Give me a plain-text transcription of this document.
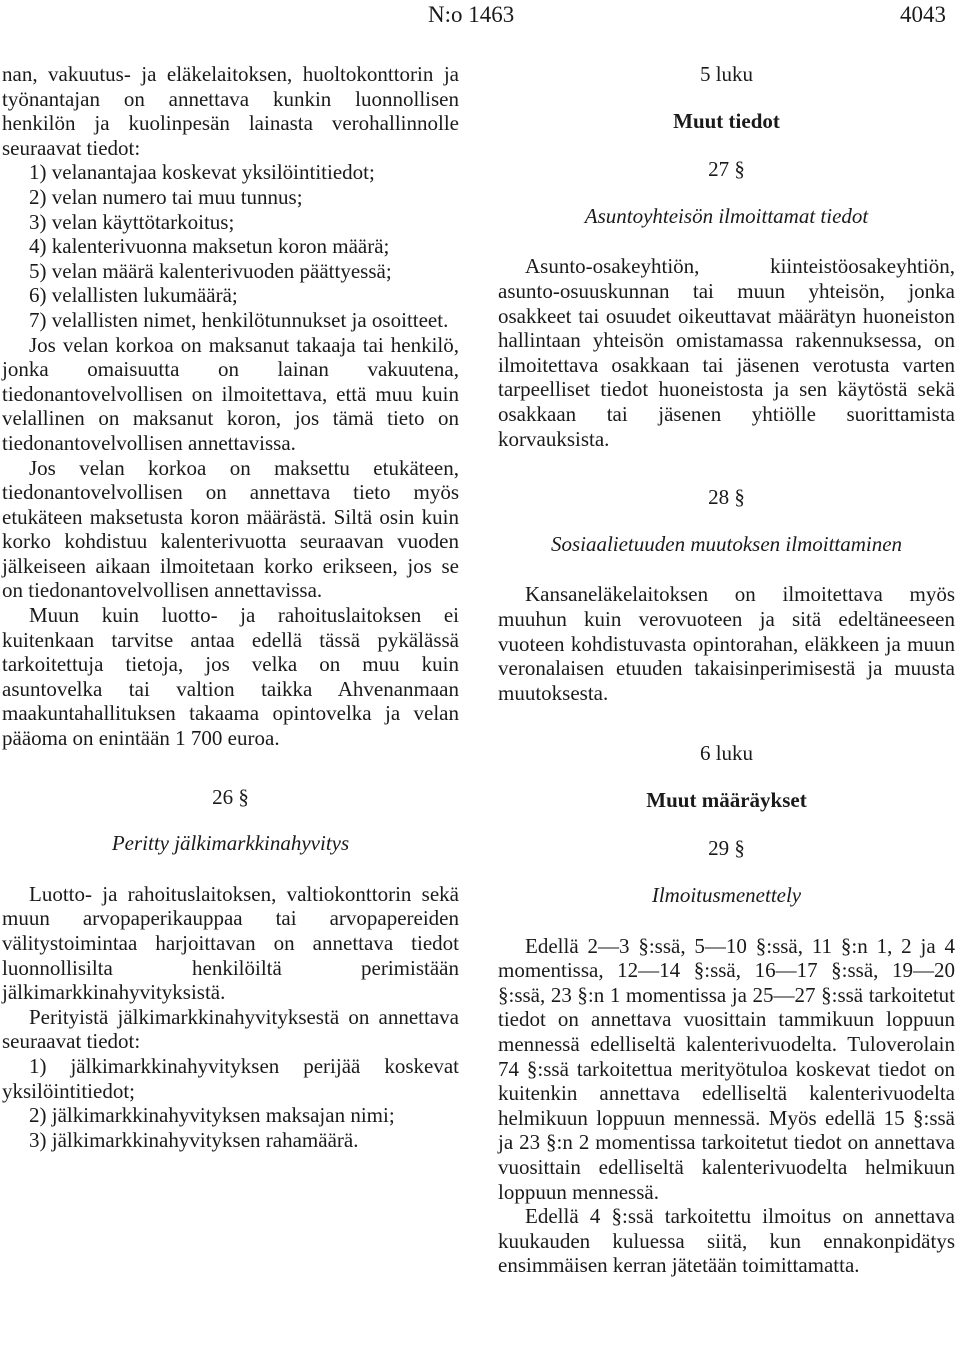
N:o 1463	4043

nan, vakuutus- ja eläkelaitoksen, huoltokonttorin ja työnantajan on annettava kunkin luonnollisen henkilön ja kuolinpesän lainasta verohallinnolle seuraavat tiedot:

1) velanantajaa koskevat yksilöintitiedot;

2) velan numero tai muu tunnus;

3) velan käyttötarkoitus;

4) kalenterivuonna maksetun koron määrä;

5) velan määrä kalenterivuoden päättyessä;

6) velallisten lukumäärä;

7) velallisten nimet, henkilötunnukset ja osoitteet.

Jos velan korkoa on maksanut takaaja tai henkilö, jonka omaisuutta on lainan vakuutena, tiedonantovelvollisen on ilmoitettava, että muu kuin velallinen on maksanut koron, jos tämä tieto on tiedonantovelvollisen annettavissa.

Jos velan korkoa on maksettu etukäteen, tiedonantovelvollisen on annettava tieto myös etukäteen maksetusta koron määrästä. Siltä osin kuin korko kohdistuu kalenterivuotta seuraavan vuoden jälkeiseen aikaan ilmoitetaan korko erikseen, jos se on tiedonantovelvollisen annettavissa.

Muun kuin luotto- ja rahoituslaitoksen ei kuitenkaan tarvitse antaa edellä tässä pykälässä tarkoitettuja tietoja, jos velka on muu kuin asuntovelka tai valtion taikka Ahvenanmaan maakuntahallituksen takaama opintovelka ja velan pääoma on enintään 1 700 euroa.

26 §
Peritty jälkimarkkinahyvitys

Luotto- ja rahoituslaitoksen, valtiokonttorin sekä muun arvopaperikauppaa tai arvopapereiden välitystoimintaa harjoittavan on annettava tiedot luonnollisilta henkilöiltä perimistään jälkimarkkinahyvityksistä.

Perityistä jälkimarkkinahyvityksestä on annettava seuraavat tiedot:

1) jälkimarkkinahyvityksen perijää koskevat yksilöintitiedot;

2) jälkimarkkinahyvityksen maksajan nimi;

3) jälkimarkkinahyvityksen rahamäärä.

5 luku
Muut tiedot
27 §
Asuntoyhteisön ilmoittamat tiedot

Asunto-osakeyhtiön, kiinteistöosakeyhtiön, asunto-osuuskunnan tai muun yhteisön, jonka osakkeet tai osuudet oikeuttavat määrätyn huoneiston hallintaan yhteisön omistamassa rakennuksessa, on ilmoitettava osakkaan tai jäsenen verotusta varten tarpeelliset tiedot huoneistosta ja sen käytöstä sekä osakkaan tai jäsenen yhtiölle suorittamista korvauksista.

28 §
Sosiaalietuuden muutoksen ilmoittaminen

Kansaneläkelaitoksen on ilmoitettava myös muuhun kuin verovuoteen ja sitä edeltäneeseen vuoteen kohdistuvasta opintorahan, eläkkeen ja muun veronalaisen etuuden takaisinperimisestä ja muusta muutoksesta.

6 luku
Muut määräykset
29 §
Ilmoitusmenettely

Edellä 2—3 §:ssä, 5—10 §:ssä, 11 §:n 1, 2 ja 4 momentissa, 12—14 §:ssä, 16—17 §:ssä, 19—20 §:ssä, 23 §:n 1 momentissa ja 25—27 §:ssä tarkoitetut tiedot on annettava vuosittain tammikuun loppuun mennessä edelliseltä kalenterivuodelta. Tuloverolain 74 §:ssä tarkoitettua merityötuloa koskevat tiedot on kuitenkin annettava edelliseltä kalenterivuodelta helmikuun loppuun mennessä. Myös edellä 15 §:ssä ja 23 §:n 2 momentissa tarkoitetut tiedot on annettava vuosittain edelliseltä kalenterivuodelta helmikuun loppuun mennessä.

Edellä 4 §:ssä tarkoitettu ilmoitus on annettava kuukauden kuluessa siitä, kun ennakonpidätys ensimmäisen kerran jätetään toimittamatta.
